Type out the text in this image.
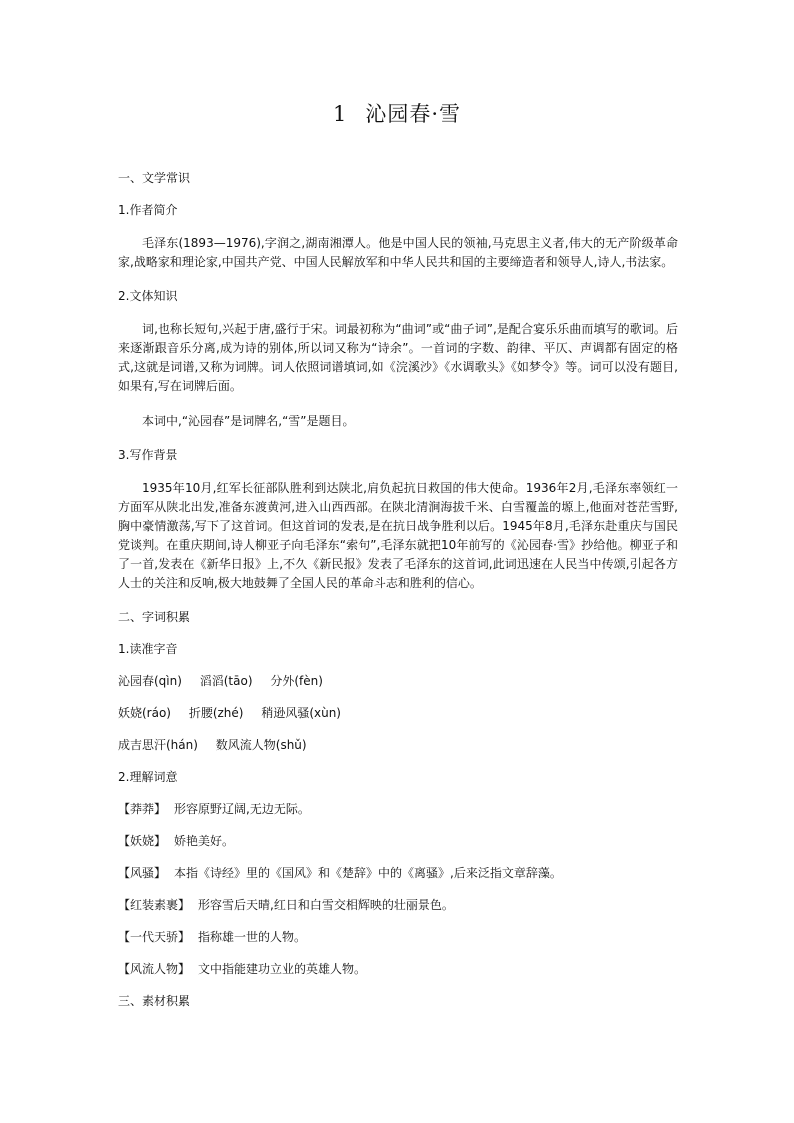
1 沁园春·雪
一、文学常识
1.作者简介

毛泽东(1893—1976),字润之,湖南湘潭人。他是中国人民的领袖,马克思主义者,伟大的无产阶级革命家,战略家和理论家,中国共产党、中国人民解放军和中华人民共和国的主要缔造者和领导人,诗人,书法家。

2.文体知识

词,也称长短句,兴起于唐,盛行于宋。词最初称为“曲词”或“曲子词”,是配合宴乐乐曲而填写的歌词。后来逐渐跟音乐分离,成为诗的别体,所以词又称为“诗余”。一首词的字数、韵律、平仄、声调都有固定的格式,这就是词谱,又称为词牌。词人依照词谱填词,如《浣溪沙》《水调歌头》《如梦令》等。词可以没有题目,如果有,写在词牌后面。

本词中,“沁园春”是词牌名,“雪”是题目。

3.写作背景

1935年10月,红军长征部队胜利到达陕北,肩负起抗日救国的伟大使命。1936年2月,毛泽东率领红一方面军从陕北出发,准备东渡黄河,进入山西西部。在陕北清涧海拔千米、白雪覆盖的塬上,他面对苍茫雪野,胸中豪情激荡,写下了这首词。但这首词的发表,是在抗日战争胜利以后。1945年8月,毛泽东赴重庆与国民党谈判。在重庆期间,诗人柳亚子向毛泽东“索句”,毛泽东就把10年前写的《沁园春·雪》抄给他。柳亚子和了一首,发表在《新华日报》上,不久《新民报》发表了毛泽东的这首词,此词迅速在人民当中传颂,引起各方人士的关注和反响,极大地鼓舞了全国人民的革命斗志和胜利的信心。

二、字词积累
1.读准字音
沁园春(qìn) 滔滔(tāo) 分外(fèn)
妖娆(ráo) 折腰(zhé) 稍逊风骚(xùn)
成吉思汗(hán) 数风流人物(shǔ)
2.理解词意
【莽莽】 形容原野辽阔,无边无际。
【妖娆】 娇艳美好。
【风骚】 本指《诗经》里的《国风》和《楚辞》中的《离骚》,后来泛指文章辞藻。
【红装素裹】 形容雪后天晴,红日和白雪交相辉映的壮丽景色。
【一代天骄】 指称雄一世的人物。
【风流人物】 文中指能建功立业的英雄人物。
三、素材积累
